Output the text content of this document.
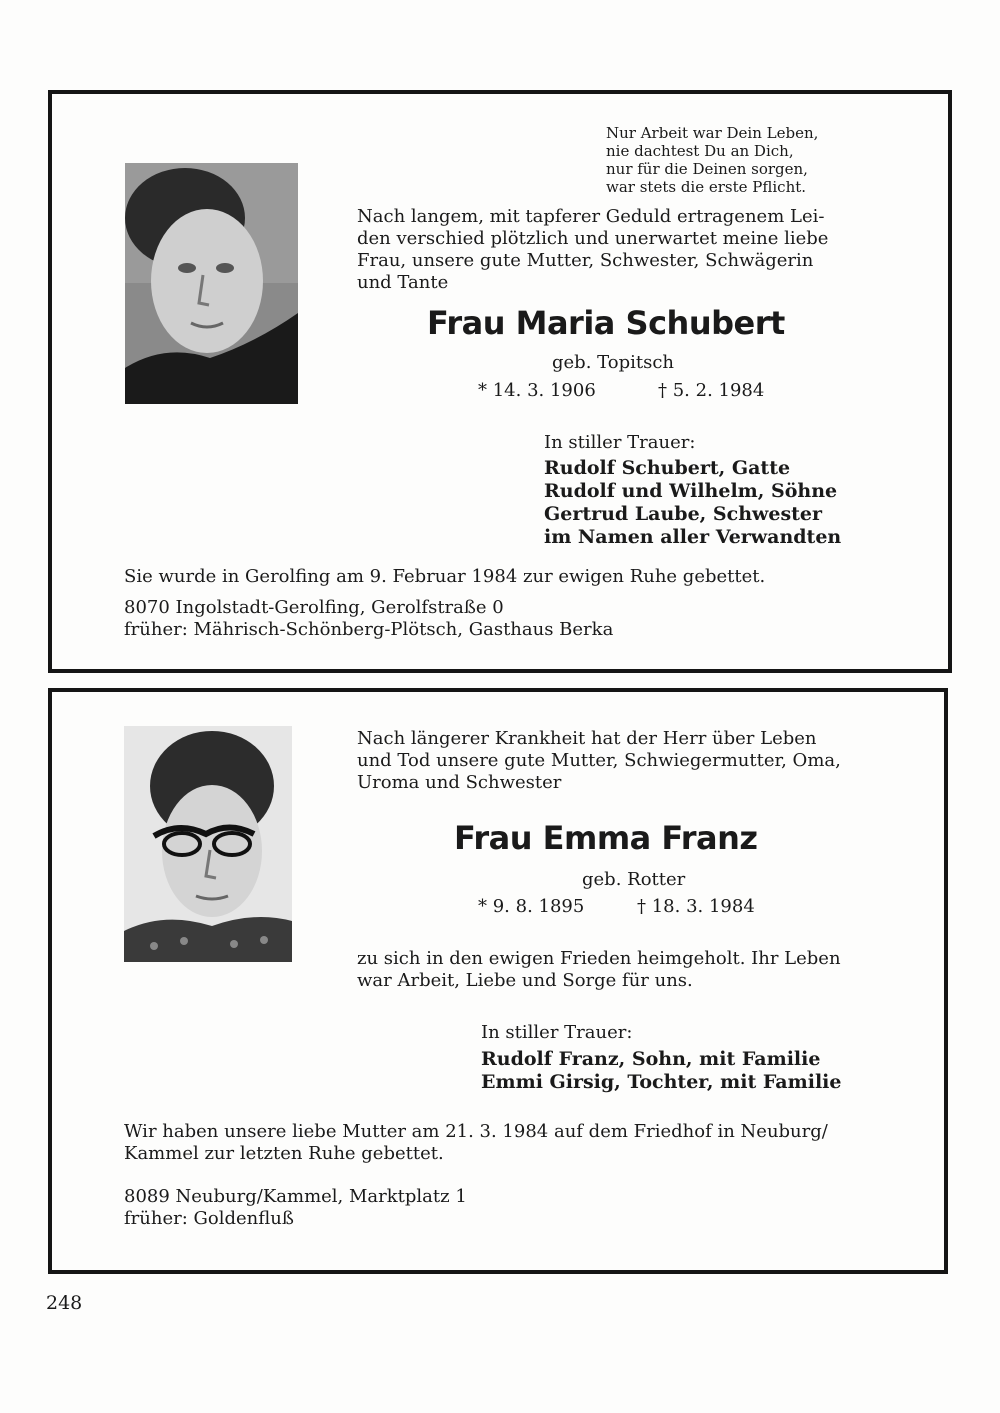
Nur Arbeit war Dein Leben,
nie dachtest Du an Dich,
nur für die Deinen sorgen,
war stets die erste Pflicht.

Nach langem, mit tapferer Geduld ertragenem Lei-
den verschied plötzlich und unerwartet meine liebe
Frau, unsere gute Mutter, Schwester, Schwägerin
und Tante

Frau Maria Schubert

geb. Topitsch

* 14. 3. 1906	† 5. 2. 1984

In stiller Trauer:

Rudolf Schubert, Gatte
Rudolf und Wilhelm, Söhne
Gertrud Laube, Schwester
im Namen aller Verwandten

Sie wurde in Gerolfing am 9. Februar 1984 zur ewigen Ruhe gebettet.

8070 Ingolstadt-Gerolfing, Gerolfstraße 0
früher: Mährisch-Schönberg-Plötsch, Gasthaus Berka

Nach längerer Krankheit hat der Herr über Leben
und Tod unsere gute Mutter, Schwiegermutter, Oma,
Uroma und Schwester

Frau Emma Franz

geb. Rotter

* 9. 8. 1895	† 18. 3. 1984

zu sich in den ewigen Frieden heimgeholt. Ihr Leben
war Arbeit, Liebe und Sorge für uns.

In stiller Trauer:

Rudolf Franz, Sohn, mit Familie
Emmi Girsig, Tochter, mit Familie

Wir haben unsere liebe Mutter am 21. 3. 1984 auf dem Friedhof in Neuburg/
Kammel zur letzten Ruhe gebettet.

8089 Neuburg/Kammel, Marktplatz 1
früher: Goldenfluß

248
